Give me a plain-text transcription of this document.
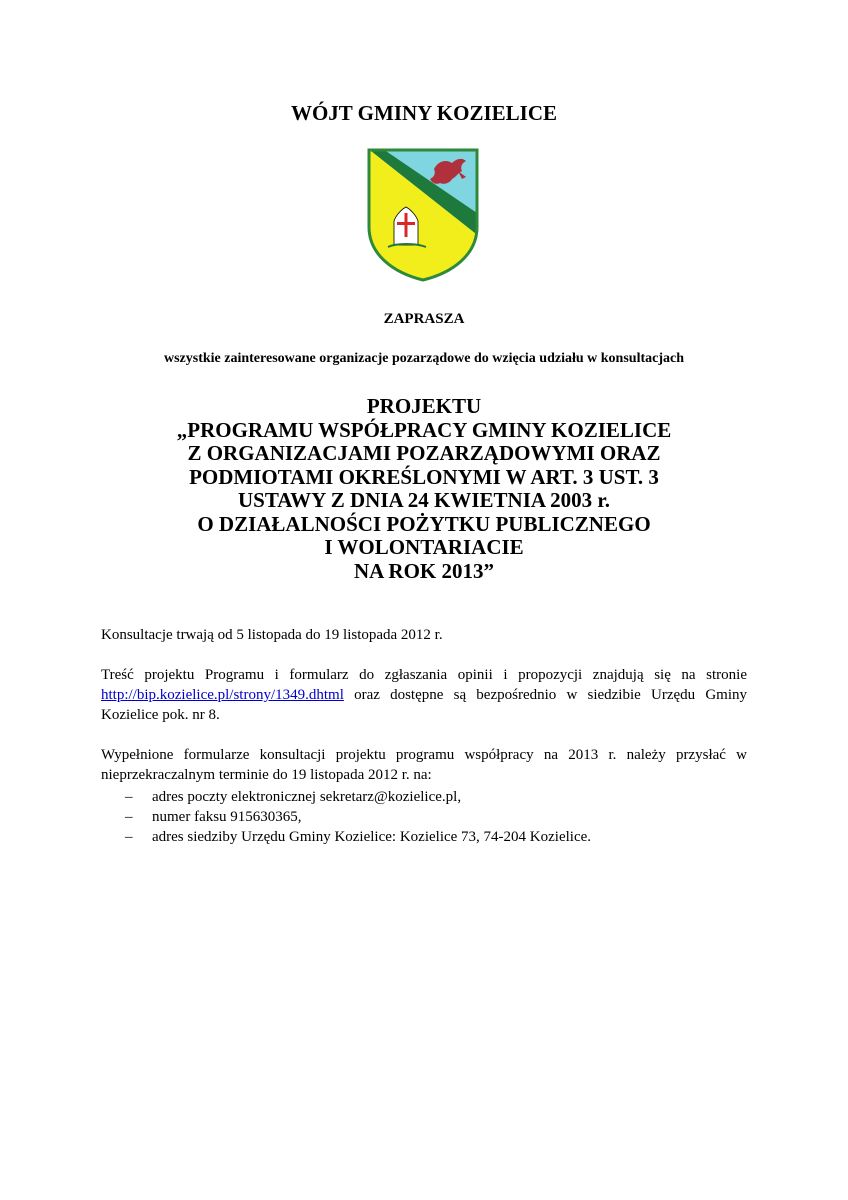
WÓJT GMINY KOZIELICE
ZAPRASZA
wszystkie zainteresowane organizacje pozarządowe do wzięcia udziału w konsultacjach
PROJEKTU
„PROGRAMU WSPÓŁPRACY GMINY KOZIELICE
Z ORGANIZACJAMI POZARZĄDOWYMI ORAZ
PODMIOTAMI OKREŚLONYMI W ART. 3 UST. 3
USTAWY Z DNIA 24 KWIETNIA 2003 r.
O DZIAŁALNOŚCI POŻYTKU PUBLICZNEGO
I WOLONTARIACIE
NA ROK 2013”
Konsultacje trwają od 5 listopada do 19 listopada 2012 r.
Treść projektu Programu i formularz do zgłaszania opinii i propozycji znajdują się na stronie http://bip.kozielice.pl/strony/1349.dhtml oraz dostępne są bezpośrednio w siedzibie Urzędu Gminy Kozielice pok. nr 8.
Wypełnione formularze konsultacji projektu programu współpracy na 2013 r. należy przysłać w nieprzekraczalnym terminie do 19 listopada 2012 r. na:
– adres poczty elektronicznej sekretarz@kozielice.pl,
– numer faksu 915630365,
– adres siedziby Urzędu Gminy Kozielice: Kozielice 73, 74-204 Kozielice.
